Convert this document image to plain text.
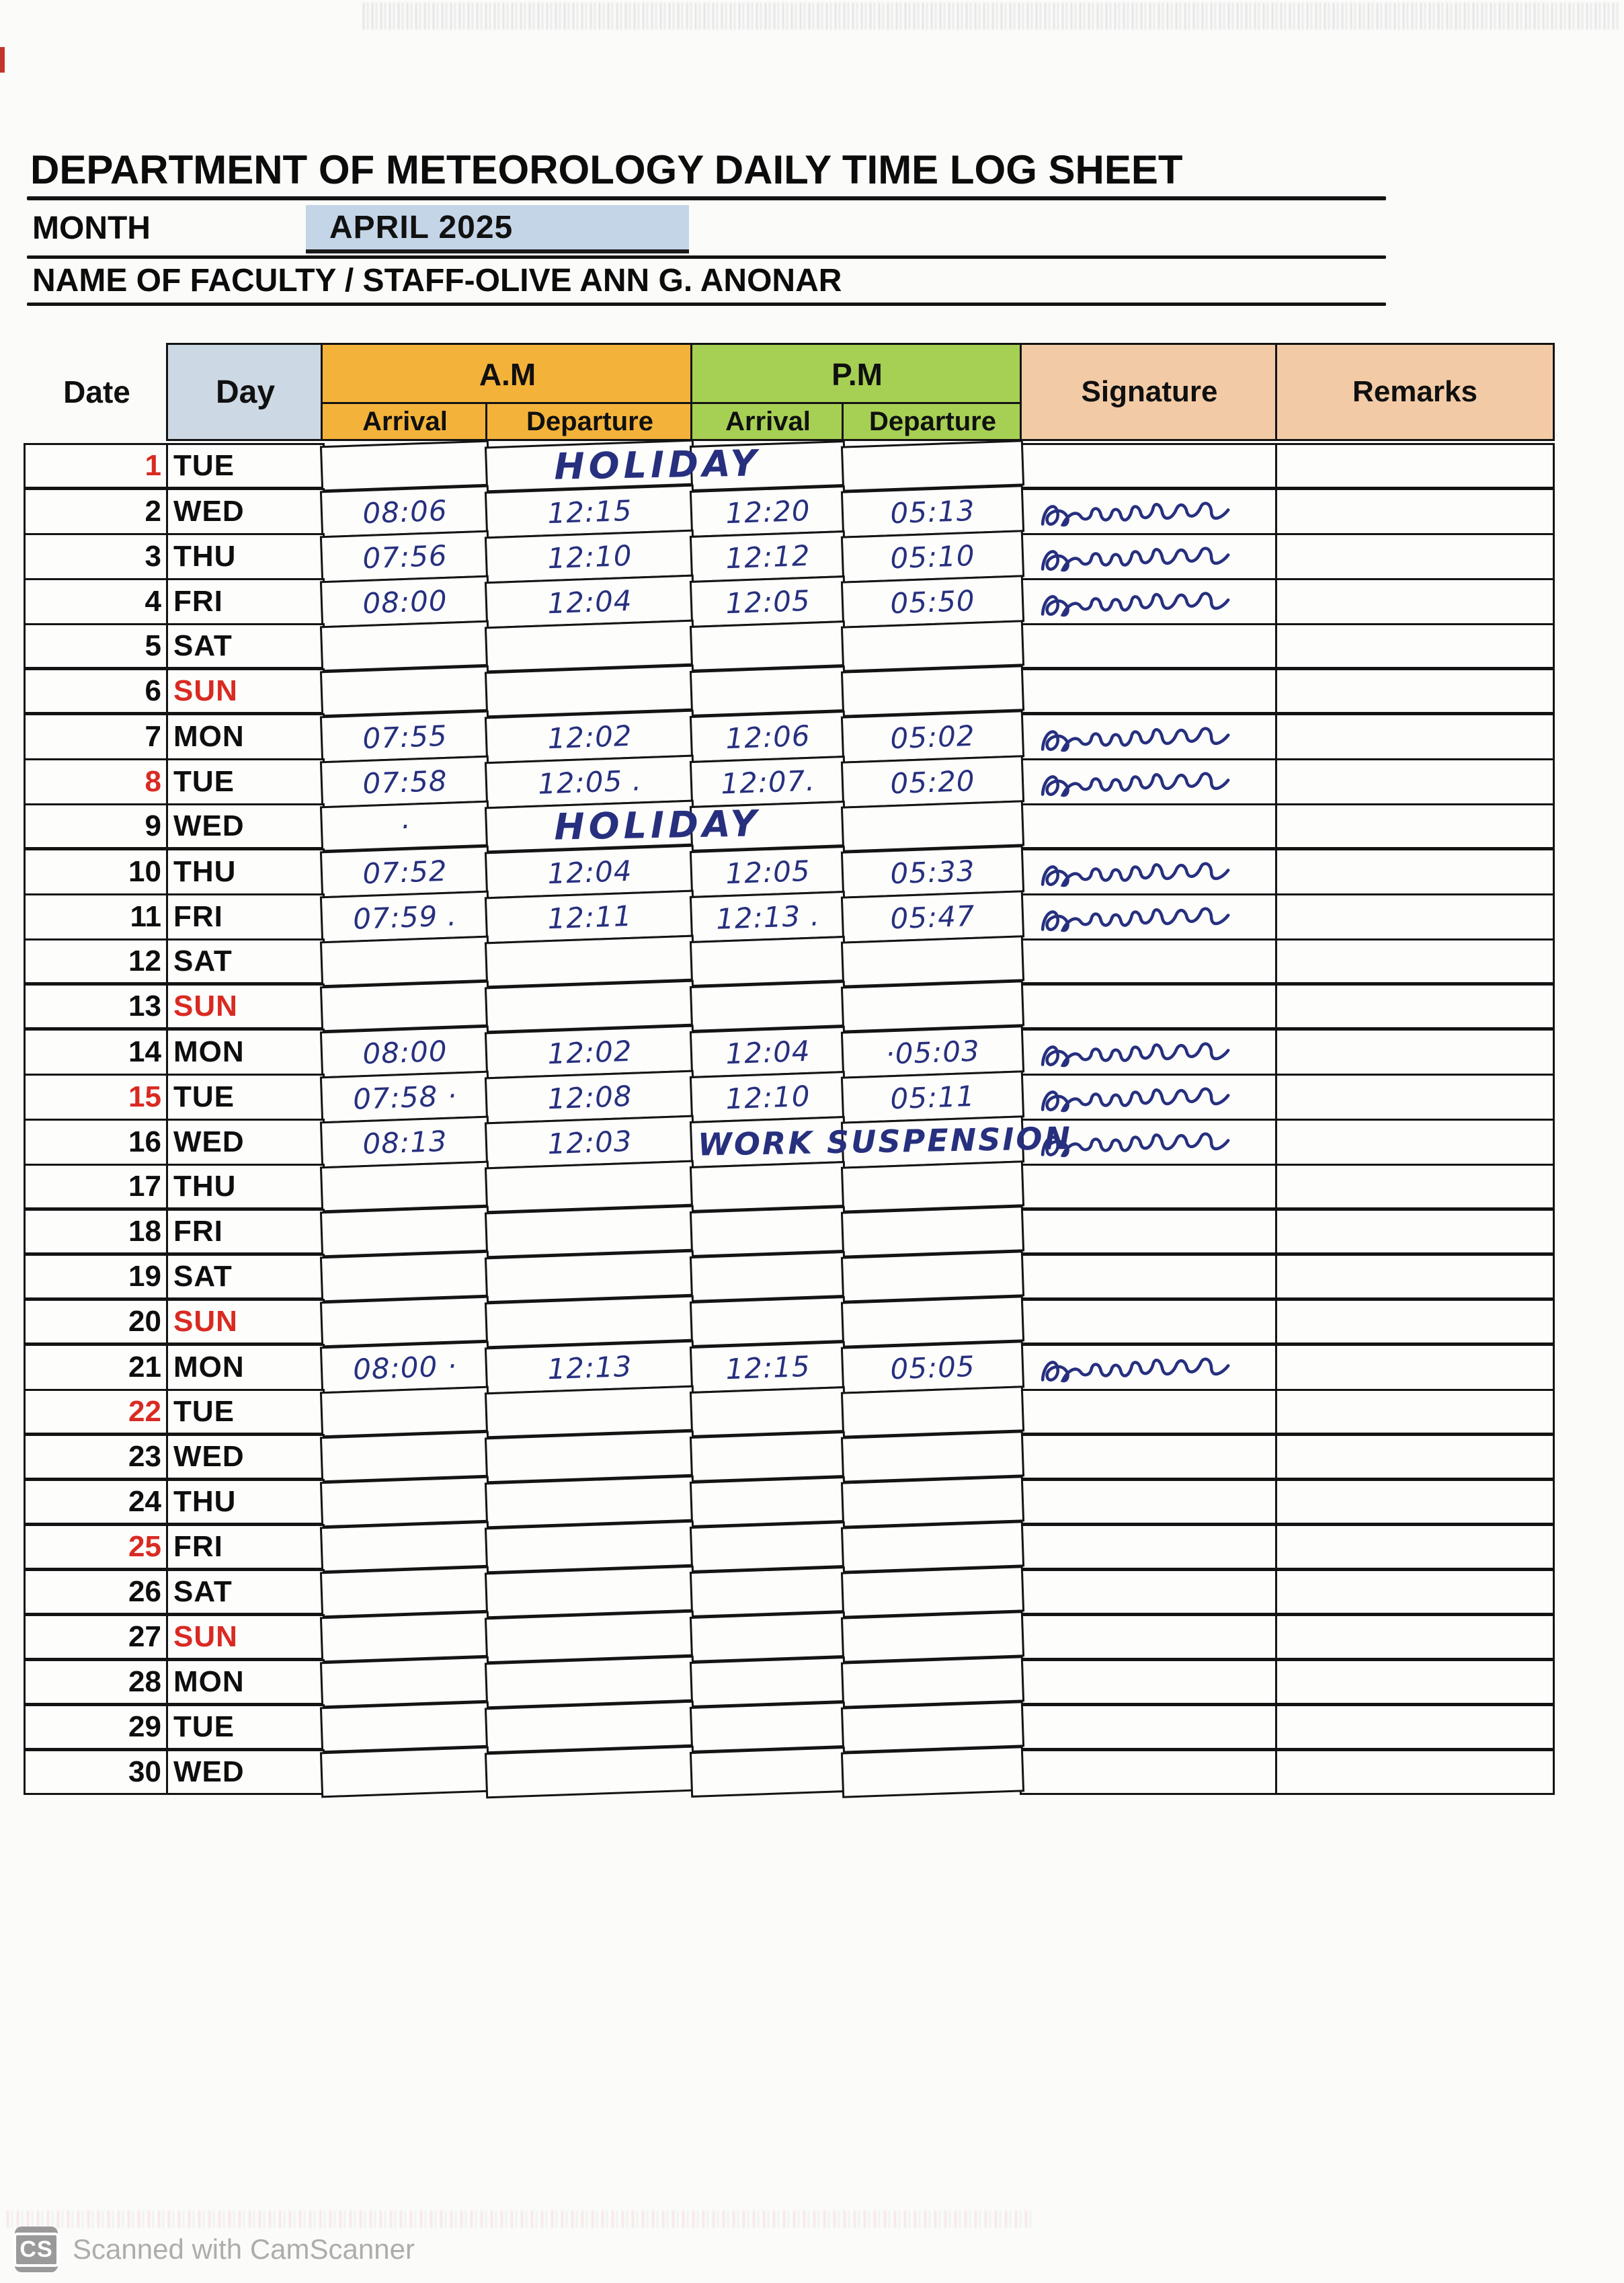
DEPARTMENT OF METEOROLOGY DAILY TIME LOG SHEET
MONTH	APRIL 2025
NAME OF FACULTY / STAFF-OLIVE ANN G. ANONAR
Date	Day	A.M	P.M
Arrival	Departure	Arrival	Departure
Signature	Remarks
1 TUE	HOLIDAY
2 WED	08:06	12:15	12:20	05:13
3 THU	07:56	12:10	12:12	05:10
4 FRI	08:00	12:04	12:05	05:50
5 SAT
6 SUN
7 MON	07:55	12:02	12:06	05:02
8 TUE	07:58	12:05 .	12:07.	05:20
9 WED	·	HOLIDAY
10 THU	07:52	12:04	12:05	05:33
11 FRI	07:59 .	12:11	12:13 .	05:47
12 SAT
13 SUN
14 MON	08:00	12:02	12:04	·05:03
15 TUE	07:58 ·	12:08	12:10	05:11
16 WED	08:13	12:03	WORK SUSPENSION
17 THU
18 FRI
19 SAT
20 SUN
21 MON	08:00 ·	12:13	12:15	05:05
22 TUE
23 WED
24 THU
25 FRI
26 SAT
27 SUN
28 MON
29 TUE
30 WED
CS Scanned with CamScanner
